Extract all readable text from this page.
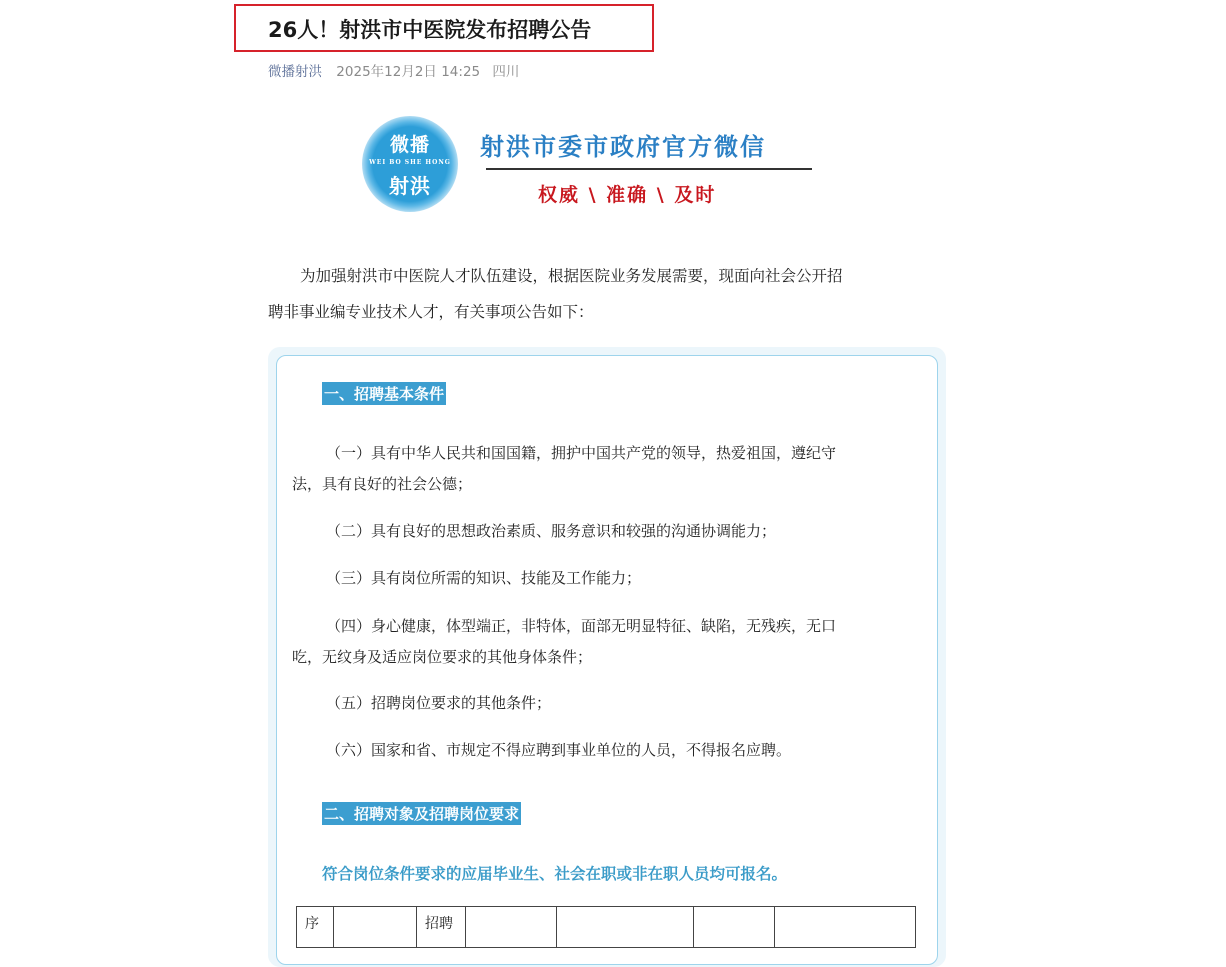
26人！射洪市中医院发布招聘公告
微播射洪 2025年12月2日 14:25 四川
微播
WEI BO SHE HONG
射洪
射洪市委市政府官方微信
权威 \ 准确 \ 及时

为加强射洪市中医院人才队伍建设，根据医院业务发展需要，现面向社会公开招
聘非事业编专业技术人才，有关事项公告如下：

一、招聘基本条件

（一）具有中华人民共和国国籍，拥护中国共产党的领导，热爱祖国，遵纪守
法，具有良好的社会公德；

（二）具有良好的思想政治素质、服务意识和较强的沟通协调能力；

（三）具有岗位所需的知识、技能及工作能力；

（四）身心健康，体型端正，非特体，面部无明显特征、缺陷，无残疾，无口
吃，无纹身及适应岗位要求的其他身体条件；

（五）招聘岗位要求的其他条件；

（六）国家和省、市规定不得应聘到事业单位的人员，不得报名应聘。

二、招聘对象及招聘岗位要求
符合岗位条件要求的应届毕业生、社会在职或非在职人员均可报名。
序		招聘
